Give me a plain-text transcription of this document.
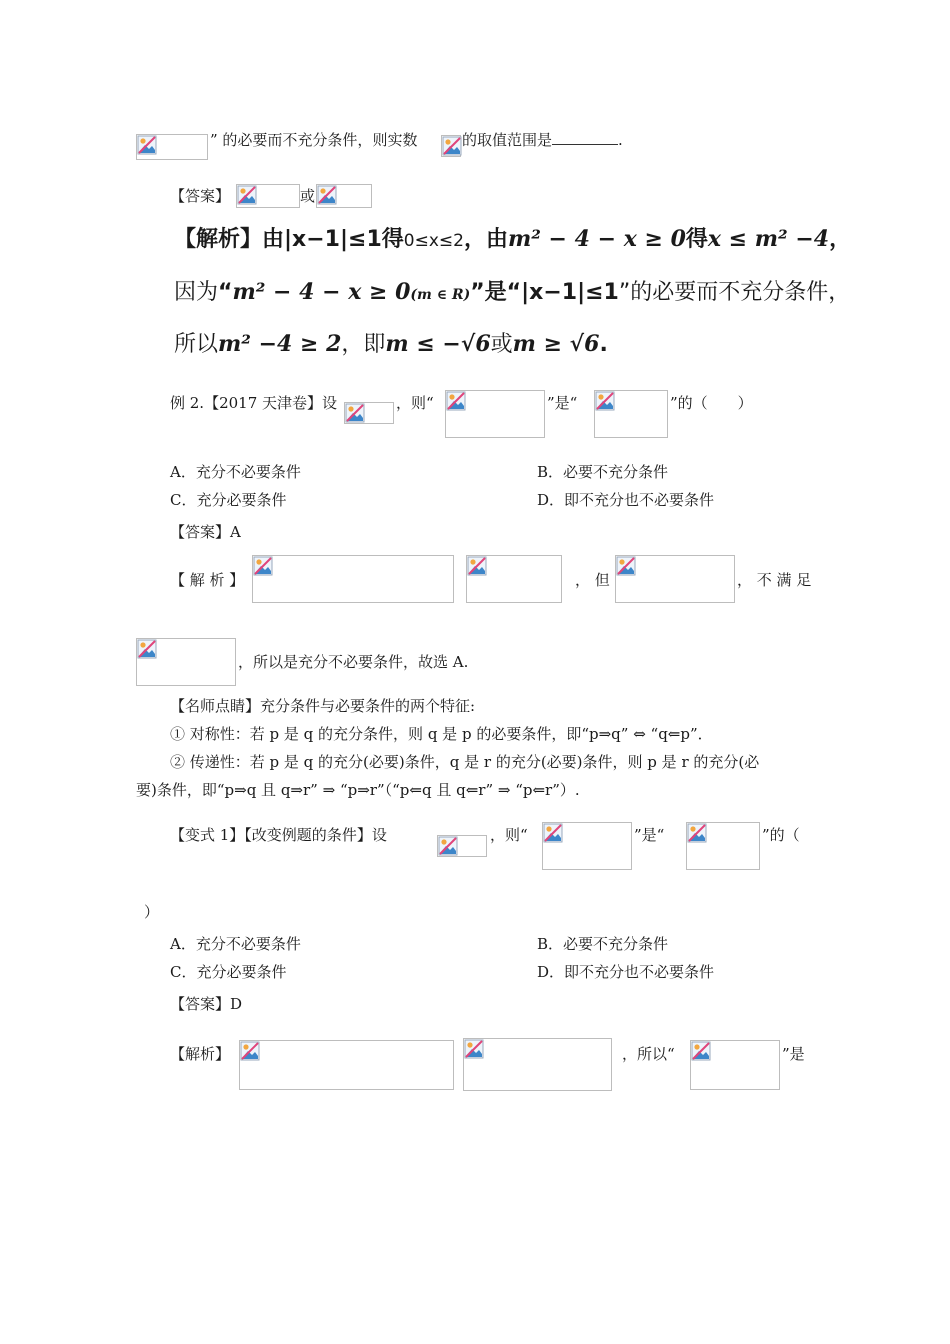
” 的必要而不充分条件，则实数	的取值范围是	.
【答案】	或
【解析】由|x−1|≤1得0≤x≤2，由m² − 4 − x ≥ 0得x ≤ m² −4，
因为“m² − 4 − x ≥ 0(m ∈ R)”是“|x−1|≤1”的必要而不充分条件，
所以m² −4 ≥ 2，即m ≤ −√6或m ≥ √6.
例 2.【2017 天津卷】设	，则“	”是“	”的（　　）
A．充分不必要条件	B．必要不充分条件
C．充分必要条件	D．即不充分也不必要条件
【答案】A
【 解 析 】	， 但	， 不 满 足
，所以是充分不必要条件，故选 A.
【名师点睛】充分条件与必要条件的两个特征:
① 对称性：若 p 是 q 的充分条件，则 q 是 p 的必要条件，即“p⇒q” ⇔ “q⇐p”．
② 传递性：若 p 是 q 的充分(必要)条件，q 是 r 的充分(必要)条件，则 p 是 r 的充分(必
要)条件，即“p⇒q 且 q⇒r” ⇒ “p⇒r”（“p⇐q 且 q⇐r” ⇒ “p⇐r”）.
【变式 1】【改变例题的条件】设	，则“	”是“	”的（
）
A．充分不必要条件	B．必要不充分条件
C．充分必要条件	D．即不充分也不必要条件
【答案】D
【解析】	，所以“	”是
